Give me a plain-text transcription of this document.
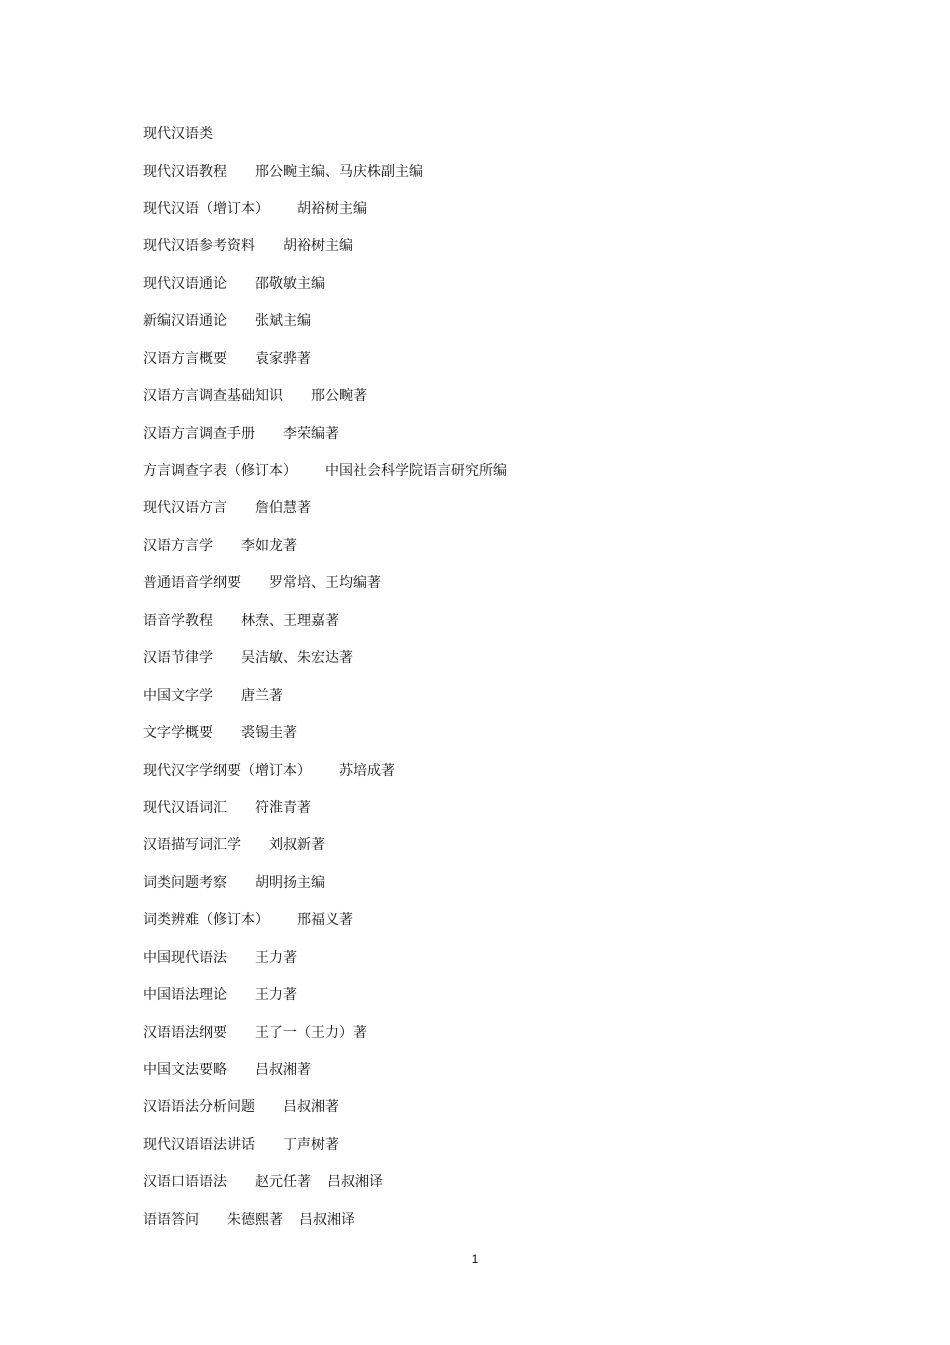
现代汉语类
现代汉语教程 邢公畹主编、马庆株副主编
现代汉语（增订本） 胡裕树主编
现代汉语参考资料 胡裕树主编
现代汉语通论 邵敬敏主编
新编汉语通论 张斌主编
汉语方言概要 袁家骅著
汉语方言调查基础知识 邢公畹著
汉语方言调查手册 李荣编著
方言调查字表（修订本） 中国社会科学院语言研究所编
现代汉语方言 詹伯慧著
汉语方言学 李如龙著
普通语音学纲要 罗常培、王均编著
语音学教程 林焘、王理嘉著
汉语节律学 吴洁敏、朱宏达著
中国文字学 唐兰著
文字学概要 裘锡圭著
现代汉字学纲要（增订本） 苏培成著
现代汉语词汇 符淮青著
汉语描写词汇学 刘叔新著
词类问题考察 胡明扬主编
词类辨难（修订本） 邢福义著
中国现代语法 王力著
中国语法理论 王力著
汉语语法纲要 王了一（王力）著
中国文法要略 吕叔湘著
汉语语法分析问题 吕叔湘著
现代汉语语法讲话 丁声树著
汉语口语语法 赵元任著 吕叔湘译
语语答问 朱德熙著 吕叔湘译
1
